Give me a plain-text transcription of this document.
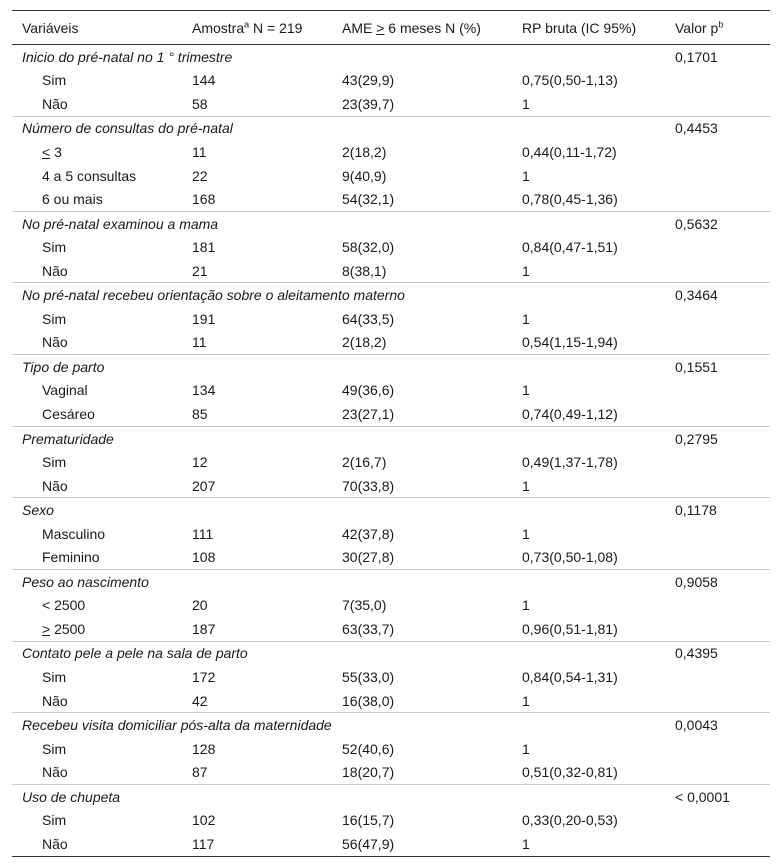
Variáveis	Amostra$^a$ N = 219	AME > 6 meses N (%)	RP bruta (IC 95%)	Valor $p^b$
Inicio do pré-natal no 1 ° trimestre				0,1701
Sim	144	43(29,9)	0,75(0,50-1,13)	
Não	58	23(39,7)	1	
Número de consultas do pré-natal				0,4453
< 3	11	2(18,2)	0,44(0,11-1,72)	
4 a 5 consultas	22	9(40,9)	1	
6 ou mais	168	54(32,1)	0,78(0,45-1,36)	
No pré-natal examinou a mama				0,5632
Sim	181	58(32,0)	0,84(0,47-1,51)	
Não	21	8(38,1)	1	
No pré-natal recebeu orientação sobre o aleitamento materno				0,3464
Sim	191	64(33,5)	1	
Não	11	2(18,2)	0,54(1,15-1,94)	
Tipo de parto				0,1551
Vaginal	134	49(36,6)	1	
Cesáreo	85	23(27,1)	0,74(0,49-1,12)	
Prematuridade				0,2795
Sim	12	2(16,7)	0,49(1,37-1,78)	
Não	207	70(33,8)	1	
Sexo				0,1178
Masculino	111	42(37,8)	1	
Feminino	108	30(27,8)	0,73(0,50-1,08)	
Peso ao nascimento				0,9058
< 2500	20	7(35,0)	1	
> 2500	187	63(33,7)	0,96(0,51-1,81)	
Contato pele a pele na sala de parto				0,4395
Sim	172	55(33,0)	0,84(0,54-1,31)	
Não	42	16(38,0)	1	
Recebeu visita domiciliar pós-alta da maternidade				0,0043
Sim	128	52(40,6)	1	
Não	87	18(20,7)	0,51(0,32-0,81)	
Uso de chupeta				< 0,0001
Sim	102	16(15,7)	0,33(0,20-0,53)	
Não	117	56(47,9)	1	
